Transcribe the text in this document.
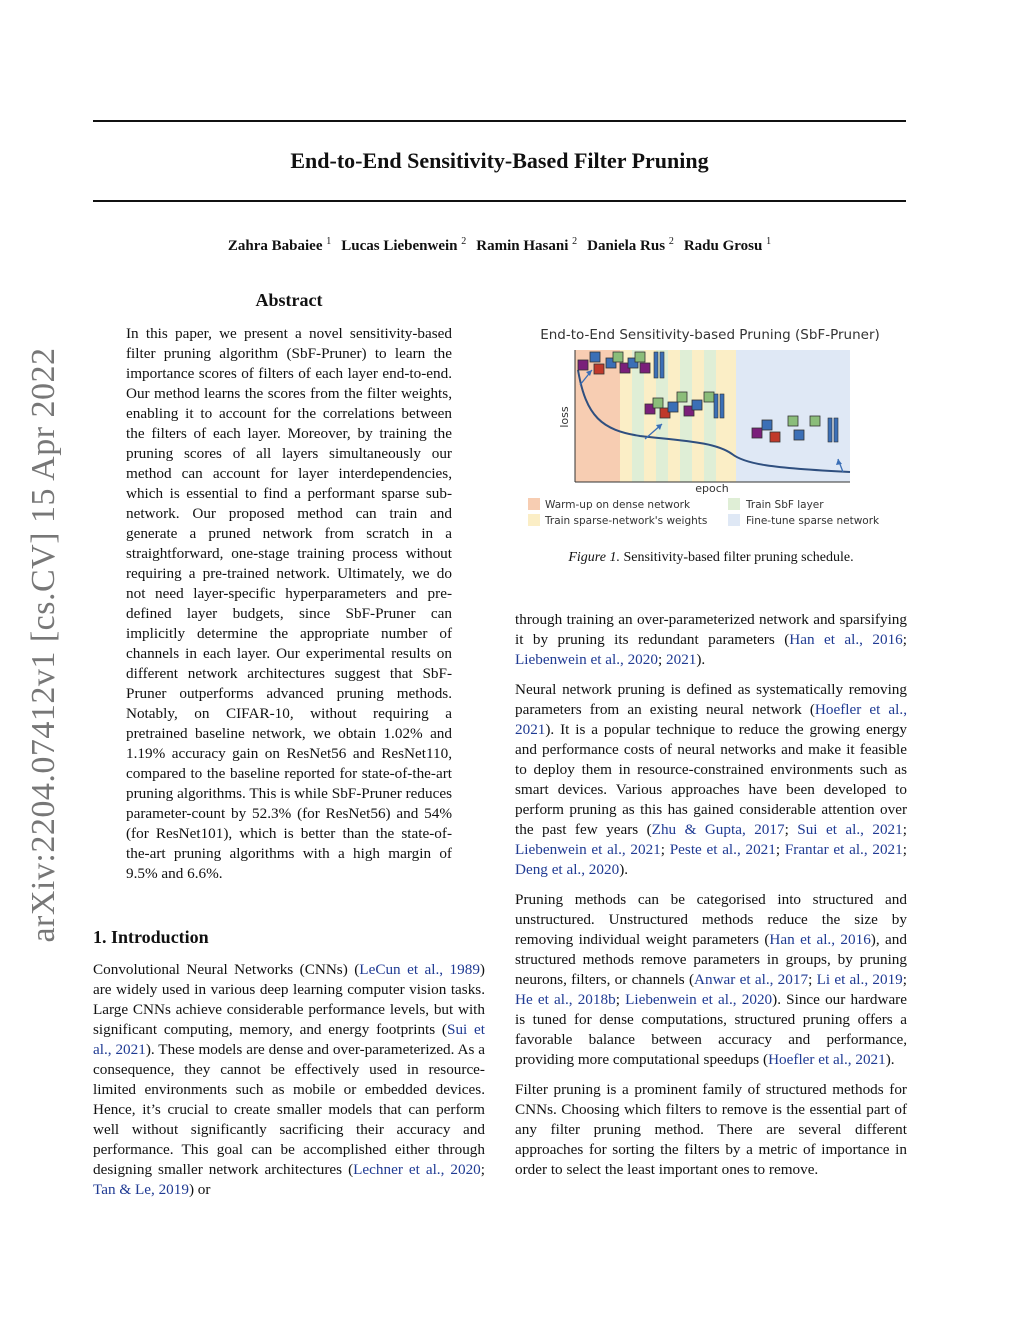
End-to-End Sensitivity-Based Filter Pruning
Zahra Babaiee $^1$ Lucas Liebenwein $^2$ Ramin Hasani $^2$ Daniela Rus $^2$ Radu Grosu $^1$
arXiv:2204.07412v1 [cs.CV] 15 Apr 2022
Abstract
In this paper, we present a novel sensitivity-based filter pruning algorithm (SbF-Pruner) to learn the importance scores of filters of each layer end-to-end. Our method learns the scores from the filter weights, enabling it to account for the correlations between the filters of each layer. Moreover, by training the pruning scores of all layers simultaneously our method can account for layer interdependencies, which is essential to find a performant sparse sub-network. Our proposed method can train and generate a pruned network from scratch in a straightforward, one-stage training process without requiring a pre-trained network. Ultimately, we do not need layer-specific hyperparameters and pre-defined layer budgets, since SbF-Pruner can implicitly determine the appropriate number of channels in each layer. Our experimental results on different network architectures suggest that SbF-Pruner outperforms advanced pruning methods. Notably, on CIFAR-10, without requiring a pretrained baseline network, we obtain 1.02% and 1.19% accuracy gain on ResNet56 and ResNet110, compared to the baseline reported for state-of-the-art pruning algorithms. This is while SbF-Pruner reduces parameter-count by 52.3% (for ResNet56) and 54% (for ResNet101), which is better than the state-of-the-art pruning algorithms with a high margin of 9.5% and 6.6%.
End-to-End Sensitivity-based Pruning (SbF-Pruner)
loss
epoch
Warm-up on dense network	Train SbF layer
Train sparse-network's weights	Fine-tune sparse network
Figure 1. Sensitivity-based filter pruning schedule.
1. Introduction
Convolutional Neural Networks (CNNs) (LeCun et al., 1989) are widely used in various deep learning computer vision tasks. Large CNNs achieve considerable performance levels, but with significant computing, memory, and energy footprints (Sui et al., 2021). These models are dense and over-parameterized. As a consequence, they cannot be effectively used in resource-limited environments such as mobile or embedded devices. Hence, it’s crucial to create smaller models that can perform well without significantly sacrificing their accuracy and performance. This goal can be accomplished either through designing smaller network architectures (Lechner et al., 2020; Tan & Le, 2019) or

through training an over-parameterized network and sparsifying it by pruning its redundant parameters (Han et al., 2016; Liebenwein et al., 2020; 2021).

Neural network pruning is defined as systematically removing parameters from an existing neural network (Hoefler et al., 2021). It is a popular technique to reduce the growing energy and performance costs of neural networks and make it feasible to deploy them in resource-constrained environments such as smart devices. Various approaches have been developed to perform pruning as this has gained considerable attention over the past few years (Zhu & Gupta, 2017; Sui et al., 2021; Liebenwein et al., 2021; Peste et al., 2021; Frantar et al., 2021; Deng et al., 2020).

Pruning methods can be categorised into structured and unstructured. Unstructured methods reduce the size by removing individual weight parameters (Han et al., 2016), and structured methods remove parameters in groups, by pruning neurons, filters, or channels (Anwar et al., 2017; Li et al., 2019; He et al., 2018b; Liebenwein et al., 2020). Since our hardware is tuned for dense computations, structured pruning offers a favorable balance between accuracy and performance, providing more computational speedups (Hoefler et al., 2021).

Filter pruning is a prominent family of structured methods for CNNs. Choosing which filters to remove is the essential part of any filter pruning method. There are several different approaches for sorting the filters by a metric of importance in order to select the least important ones to remove.
